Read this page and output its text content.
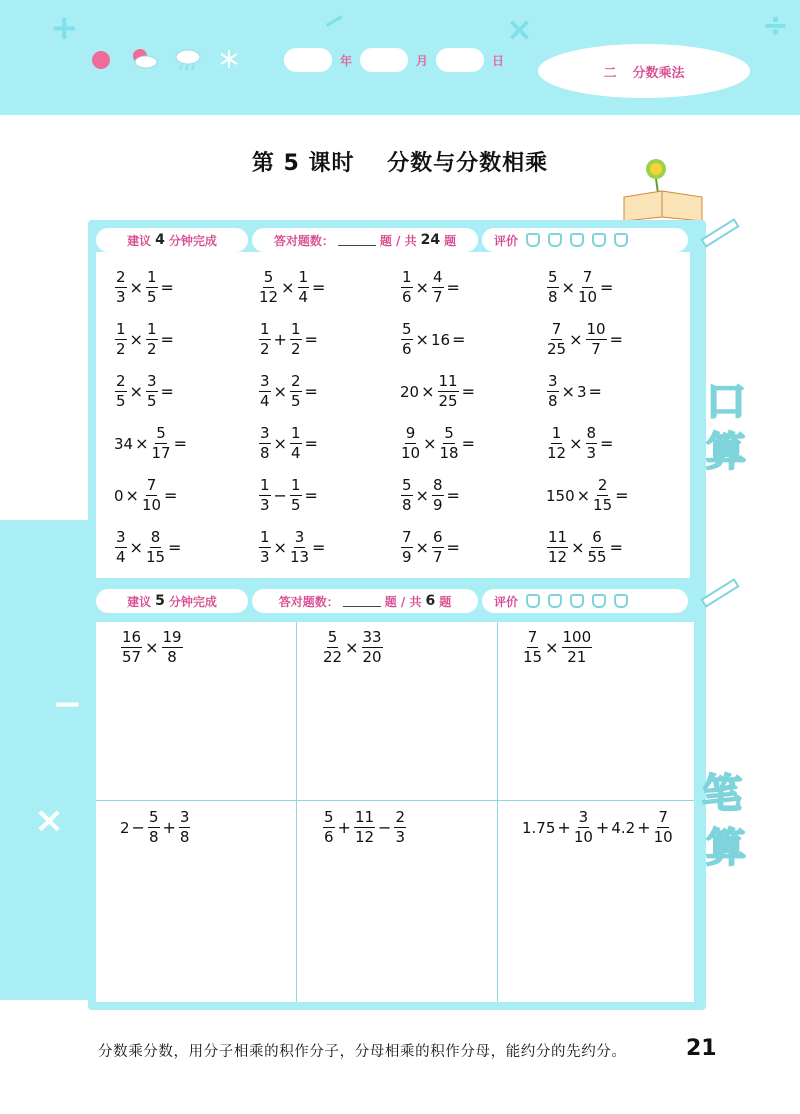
+	−	×	÷
−
×
年	月	日
二 分数乘法
第 5 课时 分数与分数相乘
建议 4 分钟完成	答对题数：	题 / 共 24 题	评价
$\frac{2}{3} \times \frac{1}{5}$ =	$\frac{5}{12} \times \frac{1}{4}$ =	$\frac{1}{6} \times \frac{4}{7}$ =	$\frac{5}{8} \times \frac{7}{10}$ =
$\frac{1}{2} \times \frac{1}{2}$ =	$\frac{1}{2} + \frac{1}{2}$ =	$\frac{5}{6} \times 16$ =	$\frac{7}{25} \times \frac{10}{7}$ =
$\frac{2}{5} \times \frac{3}{5}$ =	$\frac{3}{4} \times \frac{2}{5}$ =	$20 \times \frac{11}{25}$ =	$\frac{3}{8} \times 3$ =
$34 \times \frac{5}{17}$ =	$\frac{3}{8} \times \frac{1}{4}$ =	$\frac{9}{10} \times \frac{5}{18}$ =	$\frac{1}{12} \times \frac{8}{3}$ =
$0 \times \frac{7}{10}$ =	$\frac{1}{3} - \frac{1}{5}$ =	$\frac{5}{8} \times \frac{8}{9}$ =	$150 \times \frac{2}{15}$ =
$\frac{3}{4} \times \frac{8}{15}$ =	$\frac{1}{3} \times \frac{3}{13}$ =	$\frac{7}{9} \times \frac{6}{7}$ =	$\frac{11}{12} \times \frac{6}{55}$ =
口
算
建议 5 分钟完成	答对题数：	题 / 共 6 题	评价
$\frac{16}{57} \times \frac{19}{8}$	$\frac{5}{22} \times \frac{33}{20}$	$\frac{7}{15} \times \frac{100}{21}$
$2 - \frac{5}{8} + \frac{3}{8}$	$\frac{5}{6} + \frac{11}{12} - \frac{2}{3}$	$1.75 + \frac{3}{10} + 4.2 + \frac{7}{10}$
笔
算
分数乘分数，用分子相乘的积作分子，分母相乘的积作分母，能约分的先约分。	21
